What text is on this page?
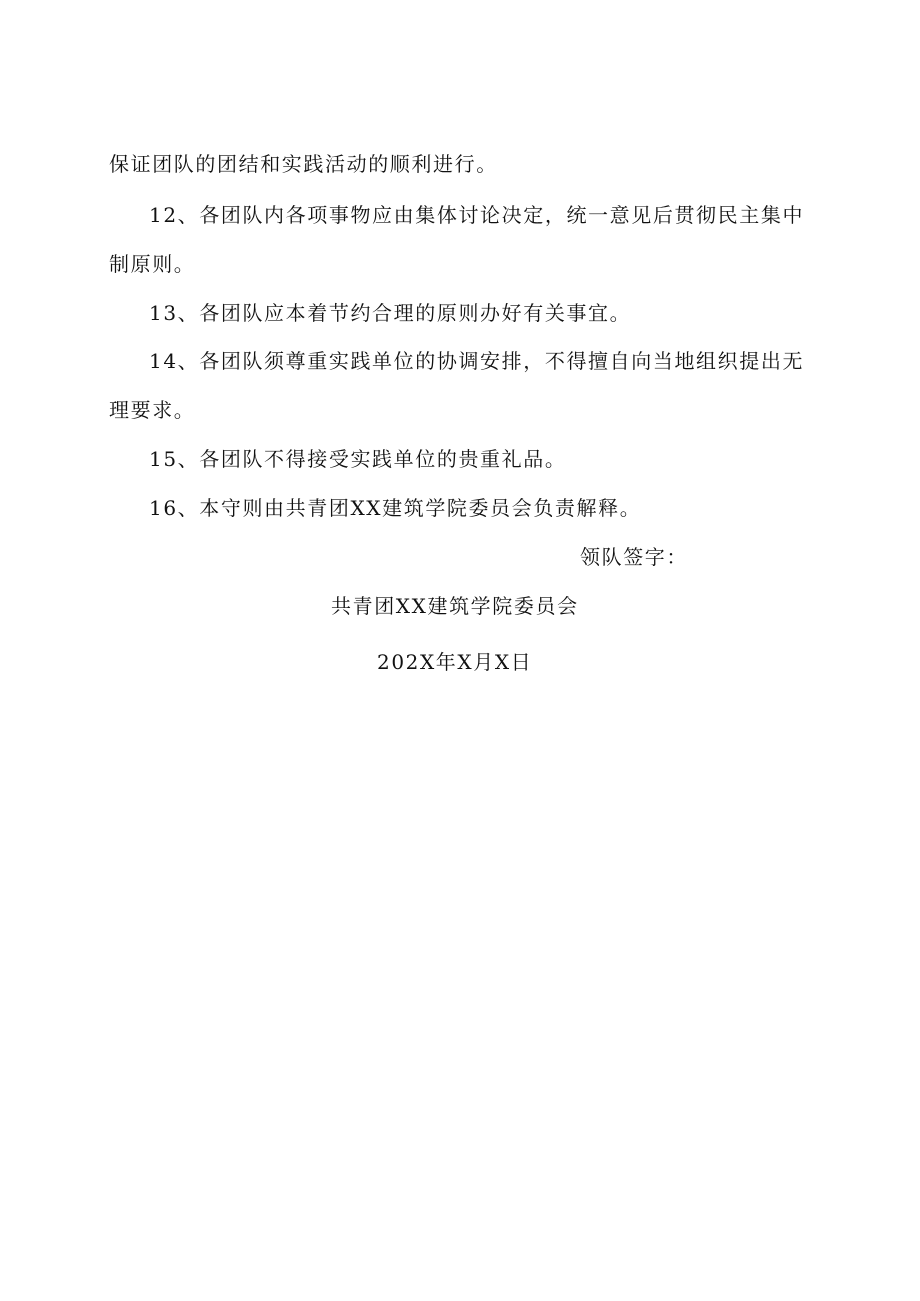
保证团队的团结和实践活动的顺利进行。
12、各团队内各项事物应由集体讨论决定，统一意见后贯彻民主集中
制原则。
13、各团队应本着节约合理的原则办好有关事宜。
14、各团队须尊重实践单位的协调安排，不得擅自向当地组织提出无
理要求。
15、各团队不得接受实践单位的贵重礼品。
16、本守则由共青团XX建筑学院委员会负责解释。
领队签字：
共青团XX建筑学院委员会
202X年X月X日
